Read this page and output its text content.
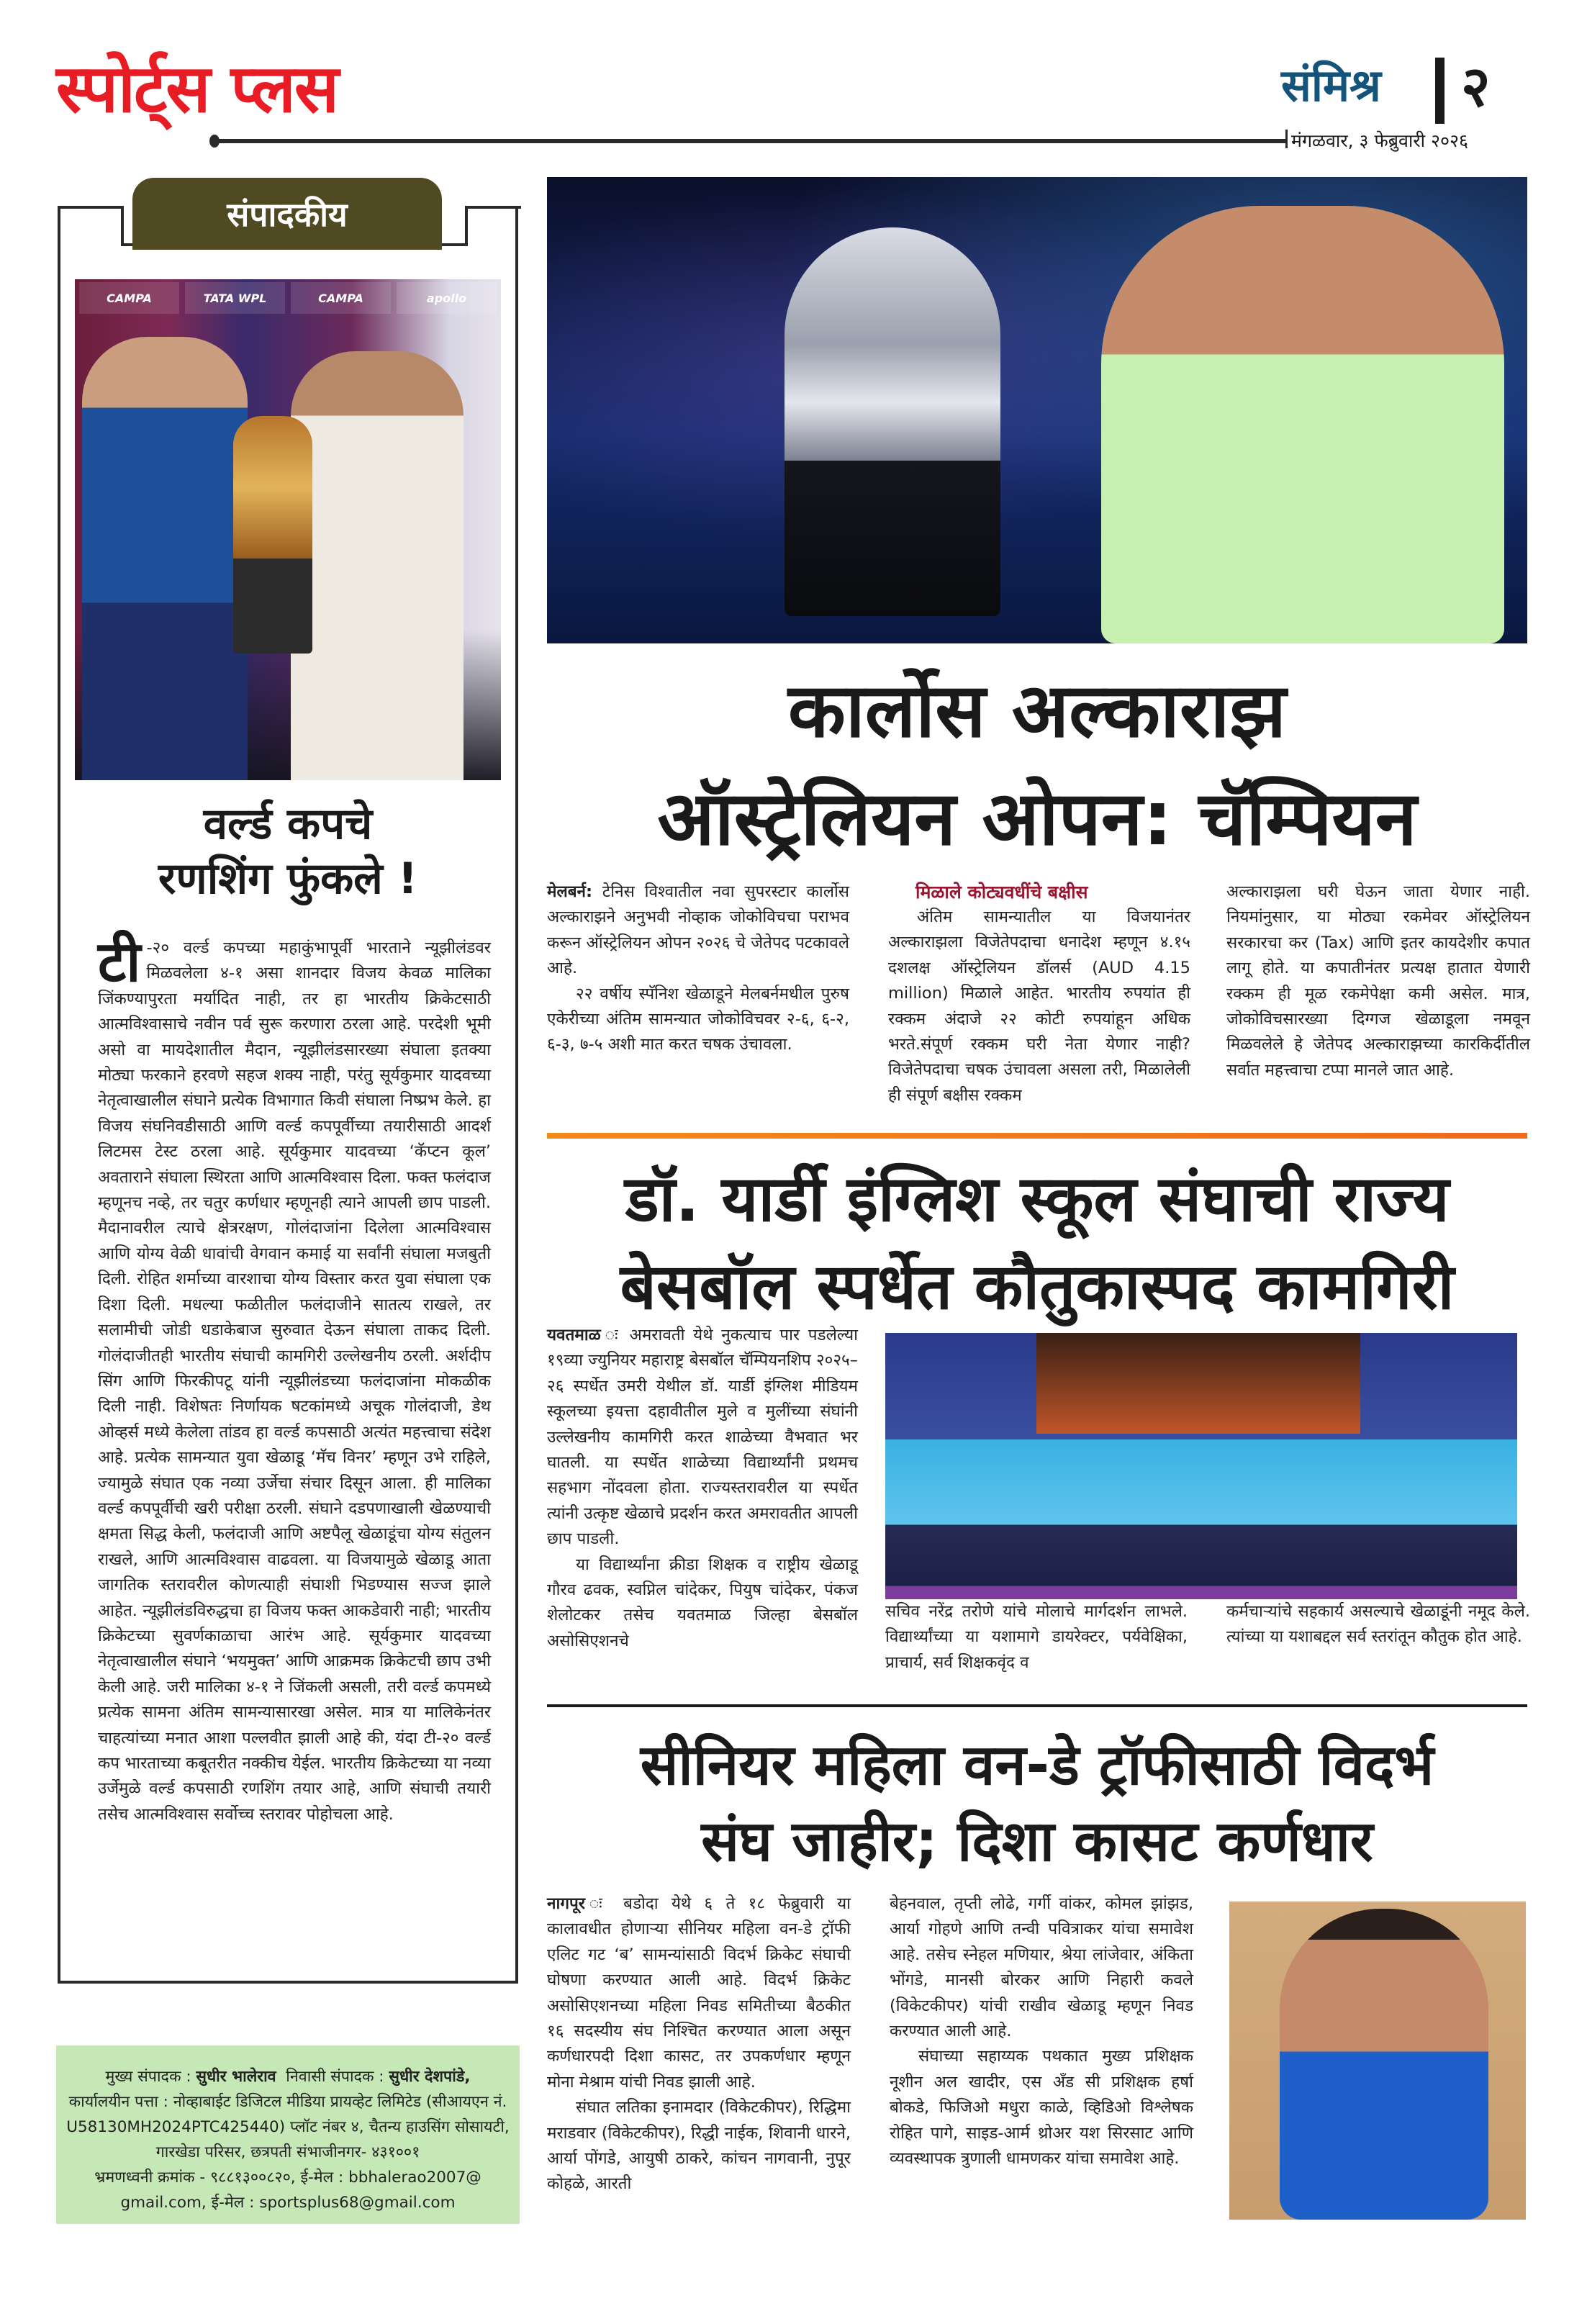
स्पोर्ट्स प्लस	संमिश्र २
मंगळवार, ३ फेब्रुवारी २०२६
संपादकीय
CAMPA	TATA WPL	CAMPA	apollo
वर्ल्ड कपचे
रणशिंग फुंकले !
टी -२० वर्ल्ड कपच्या महाकुंभापूर्वी भारताने न्यूझीलंडवर मिळवलेला ४-१ असा शानदार विजय केवळ मालिका जिंकण्यापुरता मर्यादित नाही, तर हा भारतीय क्रिकेटसाठी आत्मविश्वासाचे नवीन पर्व सुरू करणारा ठरला आहे. परदेशी भूमी असो वा मायदेशातील मैदान, न्यूझीलंडसारख्या संघाला इतक्या मोठ्या फरकाने हरवणे सहज शक्य नाही, परंतु सूर्यकुमार यादवच्या नेतृत्वाखालील संघाने प्रत्येक विभागात किवी संघाला निष्प्रभ केले. हा विजय संघनिवडीसाठी आणि वर्ल्ड कपपूर्वीच्या तयारीसाठी आदर्श लिटमस टेस्ट ठरला आहे. सूर्यकुमार यादवच्या ‘कॅप्टन कूल’ अवताराने संघाला स्थिरता आणि आत्मविश्वास दिला. फक्त फलंदाज म्हणूनच नव्हे, तर चतुर कर्णधार म्हणूनही त्याने आपली छाप पाडली. मैदानावरील त्याचे क्षेत्ररक्षण, गोलंदाजांना दिलेला आत्मविश्वास आणि योग्य वेळी धावांची वेगवान कमाई या सर्वांनी संघाला मजबुती दिली. रोहित शर्माच्या वारशाचा योग्य विस्तार करत युवा संघाला एक दिशा दिली. मधल्या फळीतील फलंदाजीने सातत्य राखले, तर सलामीची जोडी धडाकेबाज सुरुवात देऊन संघाला ताकद दिली. गोलंदाजीतही भारतीय संघाची कामगिरी उल्लेखनीय ठरली. अर्शदीप सिंग आणि फिरकीपटू यांनी न्यूझीलंडच्या फलंदाजांना मोकळीक दिली नाही. विशेषतः निर्णायक षटकांमध्ये अचूक गोलंदाजी, डेथ ओव्हर्स मध्ये केलेला तांडव हा वर्ल्ड कपसाठी अत्यंत महत्त्वाचा संदेश आहे. प्रत्येक सामन्यात युवा खेळाडू ‘मॅच विनर’ म्हणून उभे राहिले, ज्यामुळे संघात एक नव्या उर्जेचा संचार दिसून आला. ही मालिका वर्ल्ड कपपूर्वीची खरी परीक्षा ठरली. संघाने दडपणाखाली खेळण्याची क्षमता सिद्ध केली, फलंदाजी आणि अष्टपैलू खेळाडूंचा योग्य संतुलन राखले, आणि आत्मविश्वास वाढवला. या विजयामुळे खेळाडू आता जागतिक स्तरावरील कोणत्याही संघाशी भिडण्यास सज्ज झाले आहेत. न्यूझीलंडविरुद्धचा हा विजय फक्त आकडेवारी नाही; भारतीय क्रिकेटच्या सुवर्णकाळाचा आरंभ आहे. सूर्यकुमार यादवच्या नेतृत्वाखालील संघाने ‘भयमुक्त’ आणि आक्रमक क्रिकेटची छाप उभी केली आहे. जरी मालिका ४-१ ने जिंकली असली, तरी वर्ल्ड कपमध्ये प्रत्येक सामना अंतिम सामन्यासारखा असेल. मात्र या मालिकेनंतर चाहत्यांच्या मनात आशा पल्लवीत झाली आहे की, यंदा टी-२० वर्ल्ड कप भारताच्या कबूतरीत नक्कीच येईल. भारतीय क्रिकेटच्या या नव्या उर्जेमुळे वर्ल्ड कपसाठी रणशिंग तयार आहे, आणि संघाची तयारी तसेच आत्मविश्वास सर्वोच्च स्तरावर पोहोचला आहे.
मुख्य संपादक : सुधीर भालेराव निवासी संपादक : सुधीर देशपांडे,
कार्यालयीन पत्ता : नोव्हाबाईट डिजिटल मीडिया प्रायव्हेट लिमिटेड (सीआयएन नं. U58130MH2024PTC425440) प्लॉट नंबर ४, चैतन्य हाउसिंग सोसायटी, गारखेडा परिसर, छत्रपती संभाजीनगर- ४३१००१
भ्रमणध्वनी क्रमांक - ९८८१३००८२०, ई-मेल : bbhalerao2007@ gmail.com, ई-मेल : sportsplus68@gmail.com
कार्लोस अल्काराझ
ऑस्ट्रेलियन ओपन: चॅम्पियन

मेलबर्न: टेनिस विश्वातील नवा सुपरस्टार कार्लोस अल्काराझने अनुभवी नोव्हाक जोकोविचचा पराभव करून ऑस्ट्रेलियन ओपन २०२६ चे जेतेपद पटकावले आहे.

२२ वर्षीय स्पॅनिश खेळाडूने मेलबर्नमधील पुरुष एकेरीच्या अंतिम सामन्यात जोकोविचवर २-६, ६-२, ६-३, ७-५ अशी मात करत चषक उंचावला.

मिळाले कोट्यवधींचे बक्षीस

अंतिम सामन्यातील या विजयानंतर अल्काराझला विजेतेपदाचा धनादेश म्हणून ४.१५ दशलक्ष ऑस्ट्रेलियन डॉलर्स (AUD 4.15 million) मिळाले आहेत. भारतीय रुपयांत ही रक्कम अंदाजे २२ कोटी रुपयांहून अधिक भरते.संपूर्ण रक्कम घरी नेता येणार नाही?विजेतेपदाचा चषक उंचावला असला तरी, मिळालेली ही संपूर्ण बक्षीस रक्कम

अल्काराझला घरी घेऊन जाता येणार नाही. नियमांनुसार, या मोठ्या रकमेवर ऑस्ट्रेलियन सरकारचा कर (Tax) आणि इतर कायदेशीर कपात लागू होते. या कपातीनंतर प्रत्यक्ष हातात येणारी रक्कम ही मूळ रकमेपेक्षा कमी असेल. मात्र, जोकोविचसारख्या दिग्गज खेळाडूला नमवून मिळवलेले हे जेतेपद अल्काराझच्या कारकिर्दीतील सर्वात महत्त्वाचा टप्पा मानले जात आहे.

डॉ. यार्डी इंग्लिश स्कूल संघाची राज्य
बेसबॉल स्पर्धेत कौतुकास्पद कामगिरी

यवतमाळ ः अमरावती येथे नुकत्याच पार पडलेल्या १९व्या ज्युनियर महाराष्ट्र बेसबॉल चॅम्पियनशिप २०२५–२६ स्पर्धेत उमरी येथील डॉ. यार्डी इंग्लिश मीडियम स्कूलच्या इयत्ता दहावीतील मुले व मुलींच्या संघांनी उल्लेखनीय कामगिरी करत शाळेच्या वैभवात भर घातली. या स्पर्धेत शाळेच्या विद्यार्थ्यांनी प्रथमच सहभाग नोंदवला होता. राज्यस्तरावरील या स्पर्धेत त्यांनी उत्कृष्ट खेळाचे प्रदर्शन करत अमरावतीत आपली छाप पाडली.

या विद्यार्थ्यांना क्रीडा शिक्षक व राष्ट्रीय खेळाडू गौरव ढवक, स्वप्निल चांदेकर, पियुष चांदेकर, पंकज शेलोटकर तसेच यवतमाळ जिल्हा बेसबॉल असोसिएशनचे

सचिव नरेंद्र तरोणे यांचे मोलाचे मार्गदर्शन लाभले. विद्यार्थ्यांच्या या यशामागे डायरेक्टर, पर्यवेक्षिका, प्राचार्य, सर्व शिक्षकवृंद व

कर्मचाऱ्यांचे सहकार्य असल्याचे खेळाडूंनी नमूद केले. त्यांच्या या यशाबद्दल सर्व स्तरांतून कौतुक होत आहे.

सीनियर महिला वन-डे ट्रॉफीसाठी विदर्भ
संघ जाहीर; दिशा कासट कर्णधार

नागपूर ः बडोदा येथे ६ ते १८ फेब्रुवारी या कालावधीत होणाऱ्या सीनियर महिला वन-डे ट्रॉफी एलिट गट ‘ब’ सामन्यांसाठी विदर्भ क्रिकेट संघाची घोषणा करण्यात आली आहे. विदर्भ क्रिकेट असोसिएशनच्या महिला निवड समितीच्या बैठकीत १६ सदस्यीय संघ निश्चित करण्यात आला असून कर्णधारपदी दिशा कासट, तर उपकर्णधार म्हणून मोना मेश्राम यांची निवड झाली आहे.

संघात लतिका इनामदार (विकेटकीपर), रिद्धिमा मराडवार (विकेटकीपर), रिद्धी नाईक, शिवानी धारने, आर्या पोंगडे, आयुषी ठाकरे, कांचन नागवानी, नुपूर कोहळे, आरती

बेहनवाल, तृप्ती लोढे, गर्गी वांकर, कोमल झांझड, आर्या गोहणे आणि तन्वी पवित्राकर यांचा समावेश आहे. तसेच स्नेहल मणियार, श्रेया लांजेवार, अंकिता भोंगडे, मानसी बोरकर आणि निहारी कवले (विकेटकीपर) यांची राखीव खेळाडू म्हणून निवड करण्यात आली आहे.

संघाच्या सहाय्यक पथकात मुख्य प्रशिक्षक नूशीन अल खादीर, एस अँड सी प्रशिक्षक हर्षा बोकडे, फिजिओ मधुरा काळे, व्हिडिओ विश्लेषक रोहित पागे, साइड-आर्म थ्रोअर यश सिरसाट आणि व्यवस्थापक त्रुणाली धामणकर यांचा समावेश आहे.
